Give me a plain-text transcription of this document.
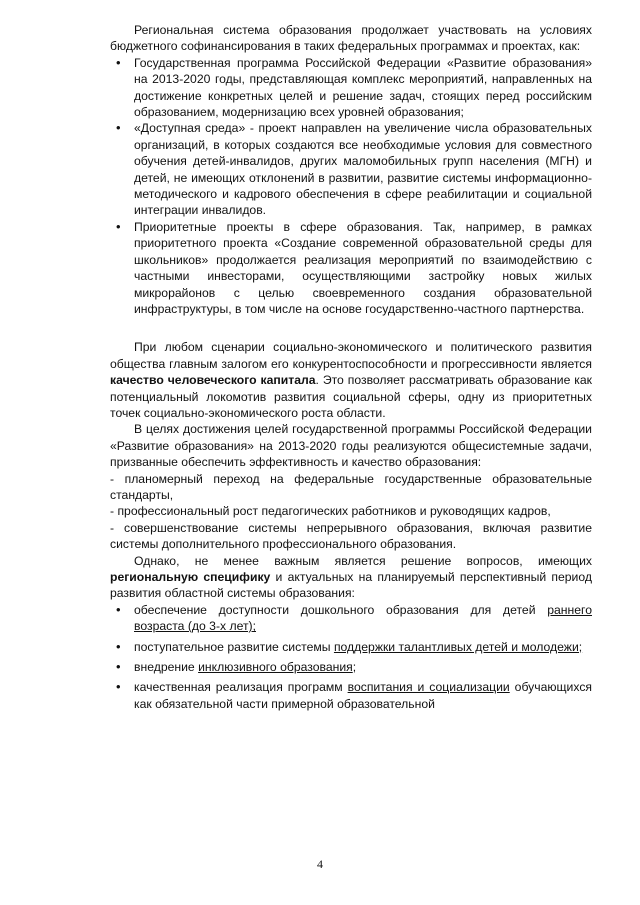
Региональная система образования продолжает участвовать на условиях бюджетного софинансирования в таких федеральных программах и проектах, как:

• Государственная программа Российской Федерации «Развитие образования» на 2013-2020 годы, представляющая комплекс мероприятий, направленных на достижение конкретных целей и решение задач, стоящих перед российским образованием, модернизацию всех уровней образования;
• «Доступная среда» - проект направлен на увеличение числа образовательных организаций, в которых создаются все необходимые условия для совместного обучения детей-инвалидов, других маломобильных групп населения (МГН) и детей, не имеющих отклонений в развитии, развитие системы информационно-методического и кадрового обеспечения в сфере реабилитации и социальной интеграции инвалидов.
• Приоритетные проекты в сфере образования. Так, например, в рамках приоритетного проекта «Создание современной образовательной среды для школьников» продолжается реализация мероприятий по взаимодействию с частными инвесторами, осуществляющими застройку новых жилых микрорайонов с целью своевременного создания образовательной инфраструктуры, в том числе на основе государственно-частного партнерства.

При любом сценарии социально-экономического и политического развития общества главным залогом его конкурентоспособности и прогрессивности является качество человеческого капитала. Это позволяет рассматривать образование как потенциальный локомотив развития социальной сферы, одну из приоритетных точек социально-экономического роста области.

В целях достижения целей государственной программы Российской Федерации «Развитие образования» на 2013-2020 годы реализуются общесистемные задачи, призванные обеспечить эффективность и качество образования:

- планомерный переход на федеральные государственные образовательные стандарты,

- профессиональный рост педагогических работников и руководящих кадров,

- совершенствование системы непрерывного образования, включая развитие системы дополнительного профессионального образования.

Однако, не менее важным является решение вопросов, имеющих региональную специфику и актуальных на планируемый перспективный период развития областной системы образования:

• обеспечение доступности дошкольного образования для детей раннего возраста (до 3-х лет);
• поступательное развитие системы поддержки талантливых детей и молодежи;
• внедрение инклюзивного образования;
• качественная реализация программ воспитания и социализации обучающихся как обязательной части примерной образовательной
4
